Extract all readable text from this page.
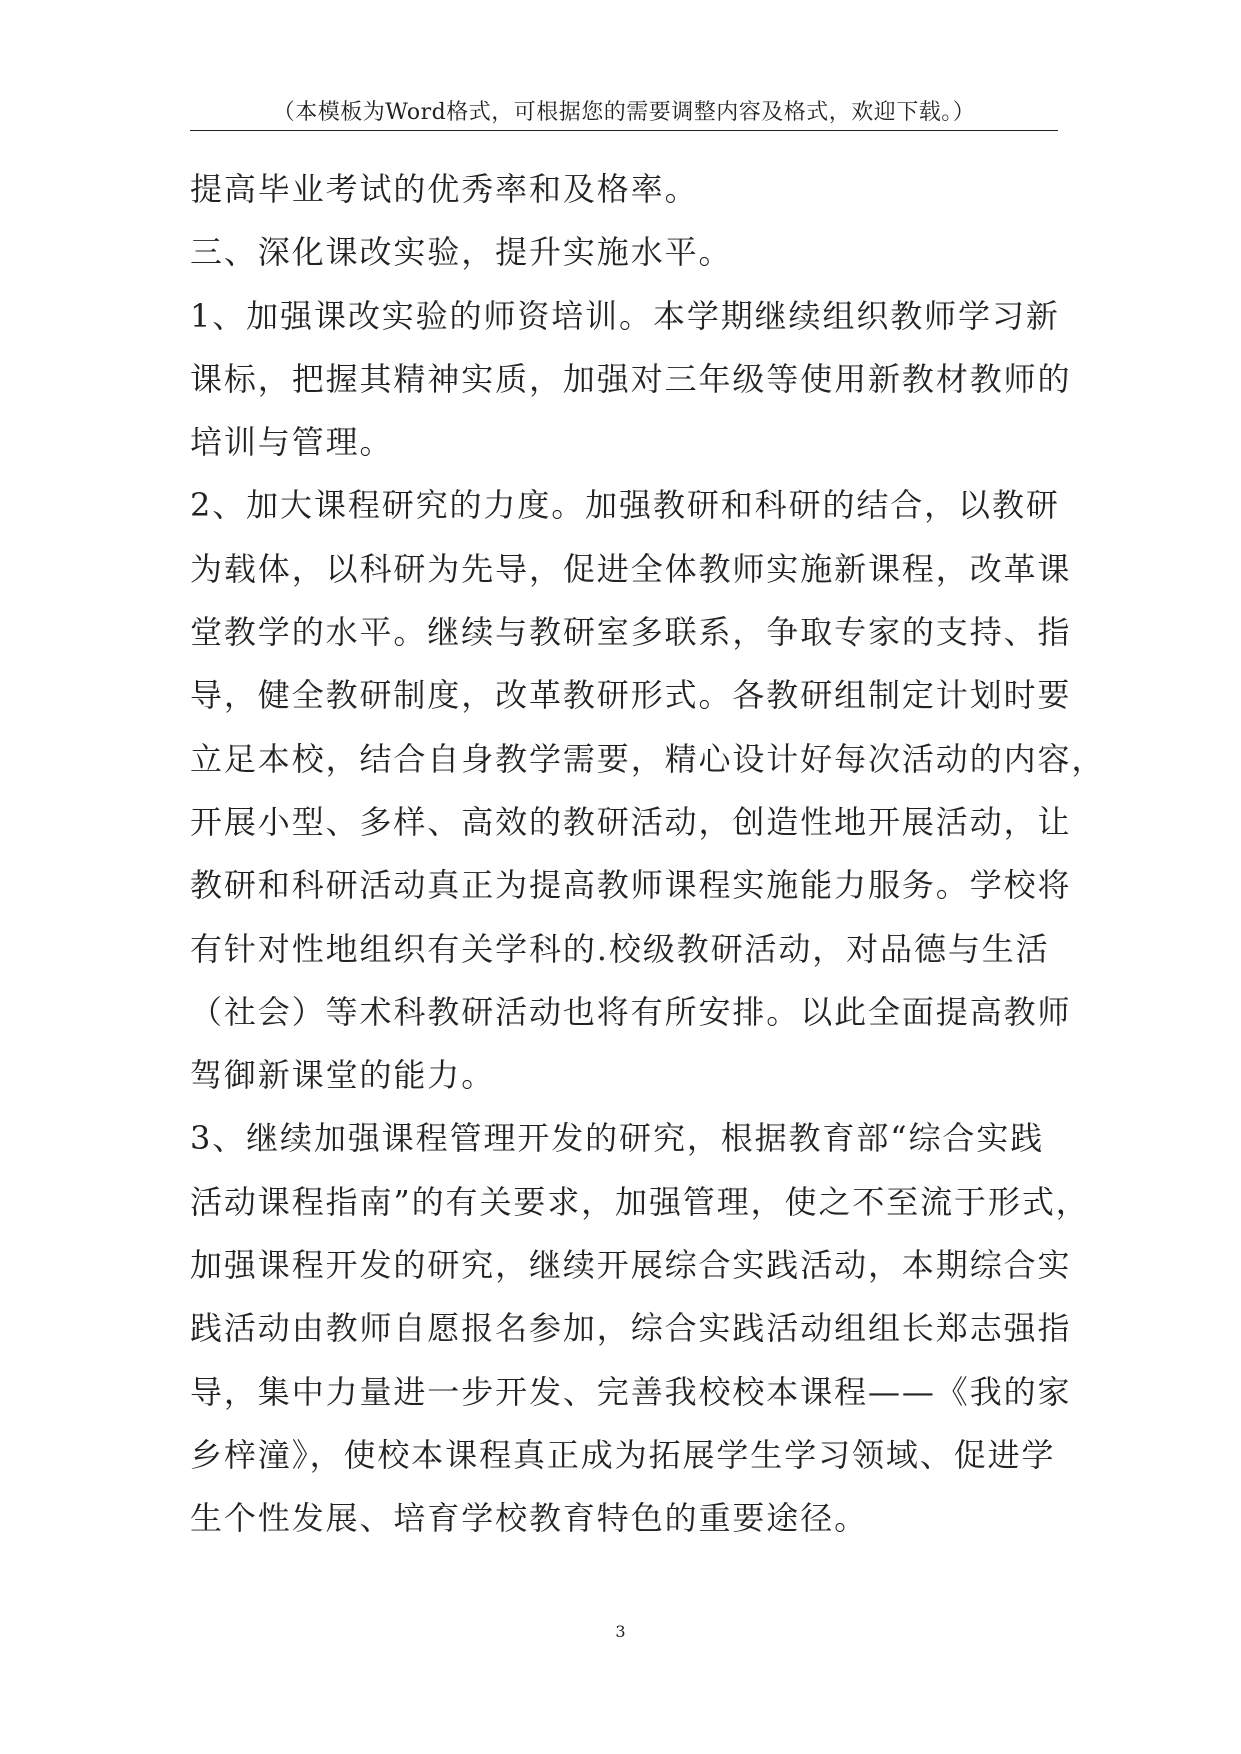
（本模板为Word格式，可根据您的需要调整内容及格式，欢迎下载。）
提高毕业考试的优秀率和及格率。
三、深化课改实验，提升实施水平。
1、加强课改实验的师资培训。本学期继续组织教师学习新
课标，把握其精神实质，加强对三年级等使用新教材教师的
培训与管理。
2、加大课程研究的力度。加强教研和科研的结合，以教研
为载体，以科研为先导，促进全体教师实施新课程，改革课
堂教学的水平。继续与教研室多联系，争取专家的支持、指
导，健全教研制度，改革教研形式。各教研组制定计划时要
立足本校，结合自身教学需要，精心设计好每次活动的内容，
开展小型、多样、高效的教研活动，创造性地开展活动，让
教研和科研活动真正为提高教师课程实施能力服务。学校将
有针对性地组织有关学科的.校级教研活动，对品德与生活
（社会）等术科教研活动也将有所安排。以此全面提高教师
驾御新课堂的能力。
3、继续加强课程管理开发的研究，根据教育部“综合实践
活动课程指南”的有关要求，加强管理，使之不至流于形式，
加强课程开发的研究，继续开展综合实践活动，本期综合实
践活动由教师自愿报名参加，综合实践活动组组长郑志强指
导，集中力量进一步开发、完善我校校本课程——《我的家
乡梓潼》，使校本课程真正成为拓展学生学习领域、促进学
生个性发展、培育学校教育特色的重要途径。
3
